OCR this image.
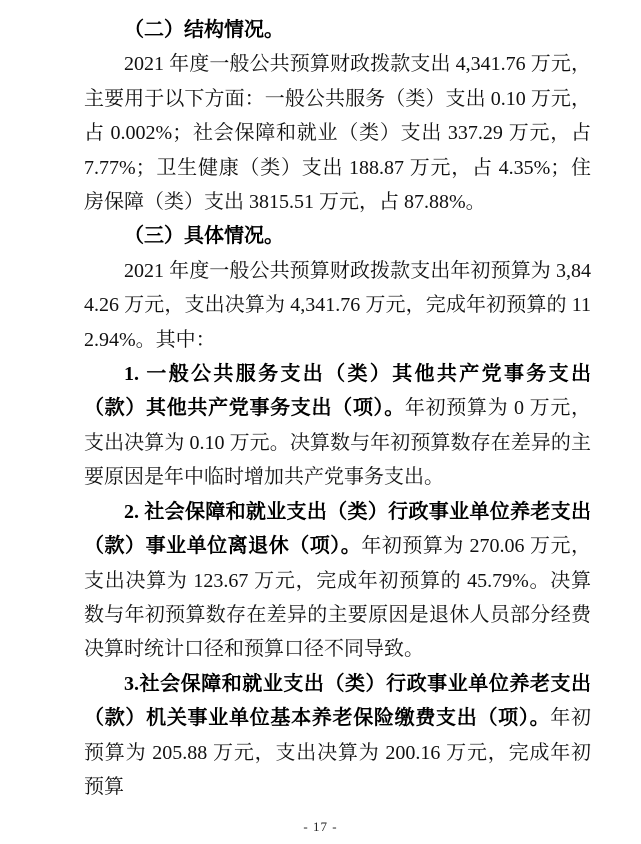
（二）结构情况。

2021 年度一般公共预算财政拨款支出 4,341.76 万元，主要用于以下方面：一般公共服务（类）支出 0.10 万元，占 0.002%；社会保障和就业（类）支出 337.29 万元，占 7.77%；卫生健康（类）支出 188.87 万元，占 4.35%；住房保障（类）支出 3815.51 万元，占 87.88%。

（三）具体情况。

2021 年度一般公共预算财政拨款支出年初预算为 3,844.26 万元，支出决算为 4,341.76 万元，完成年初预算的 112.94%。其中：

1. 一般公共服务支出（类）其他共产党事务支出（款）其他共产党事务支出（项）。年初预算为 0 万元，支出决算为 0.10 万元。决算数与年初预算数存在差异的主要原因是年中临时增加共产党事务支出。

2. 社会保障和就业支出（类）行政事业单位养老支出（款）事业单位离退休（项）。年初预算为 270.06 万元，支出决算为 123.67 万元，完成年初预算的 45.79%。决算数与年初预算数存在差异的主要原因是退休人员部分经费决算时统计口径和预算口径不同导致。

3.社会保障和就业支出（类）行政事业单位养老支出（款）机关事业单位基本养老保险缴费支出（项）。年初预算为 205.88 万元，支出决算为 200.16 万元，完成年初预算

- 17 -
